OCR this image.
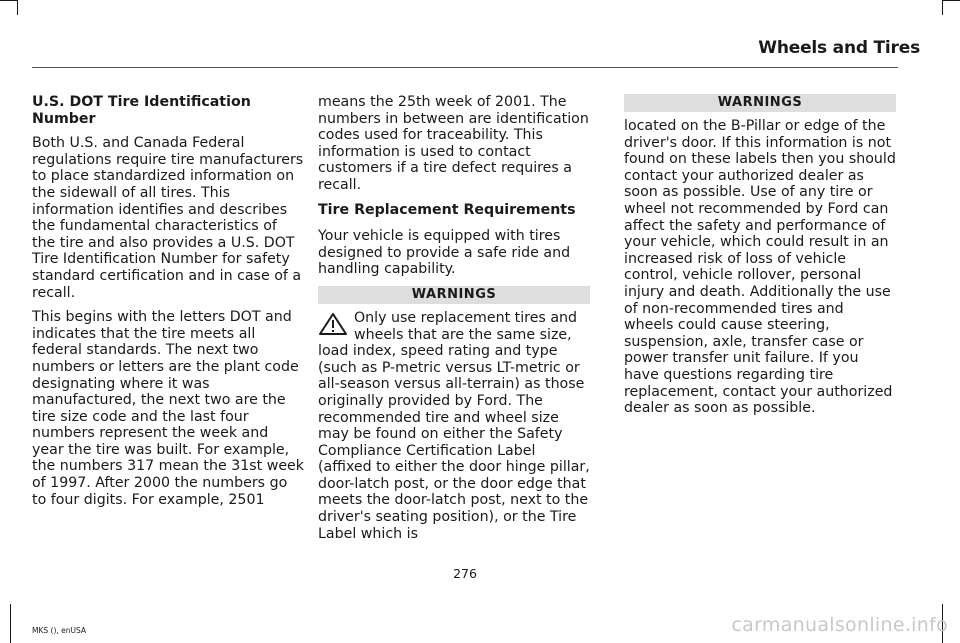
Wheels and Tires
U.S. DOT Tire Identification Number

Both U.S. and Canada Federal regulations require tire manufacturers to place standardized information on the sidewall of all tires. This information identifies and describes the fundamental characteristics of the tire and also provides a U.S. DOT Tire Identification Number for safety standard certification and in case of a recall.

This begins with the letters DOT and indicates that the tire meets all federal standards. The next two numbers or letters are the plant code designating where it was manufactured, the next two are the tire size code and the last four numbers represent the week and year the tire was built. For example, the numbers 317 mean the 31st week of 1997. After 2000 the numbers go to four digits. For example, 2501

means the 25th week of 2001. The numbers in between are identification codes used for traceability. This information is used to contact customers if a tire defect requires a recall.

Tire Replacement Requirements

Your vehicle is equipped with tires designed to provide a safe ride and handling capability.

WARNINGS
Only use replacement tires and wheels that are the same size, load index, speed rating and type (such as P-metric versus LT-metric or all-season versus all-terrain) as those originally provided by Ford. The recommended tire and wheel size may be found on either the Safety Compliance Certification Label (affixed to either the door hinge pillar, door-latch post, or the door edge that meets the door-latch post, next to the driver's seating position), or the Tire Label which is
WARNINGS

located on the B-Pillar or edge of the driver's door. If this information is not found on these labels then you should contact your authorized dealer as soon as possible. Use of any tire or wheel not recommended by Ford can affect the safety and performance of your vehicle, which could result in an increased risk of loss of vehicle control, vehicle rollover, personal injury and death. Additionally the use of non-recommended tires and wheels could cause steering, suspension, axle, transfer case or power transfer unit failure. If you have questions regarding tire replacement, contact your authorized dealer as soon as possible.

276
MKS (), enUSA	carmanualsonline.info
